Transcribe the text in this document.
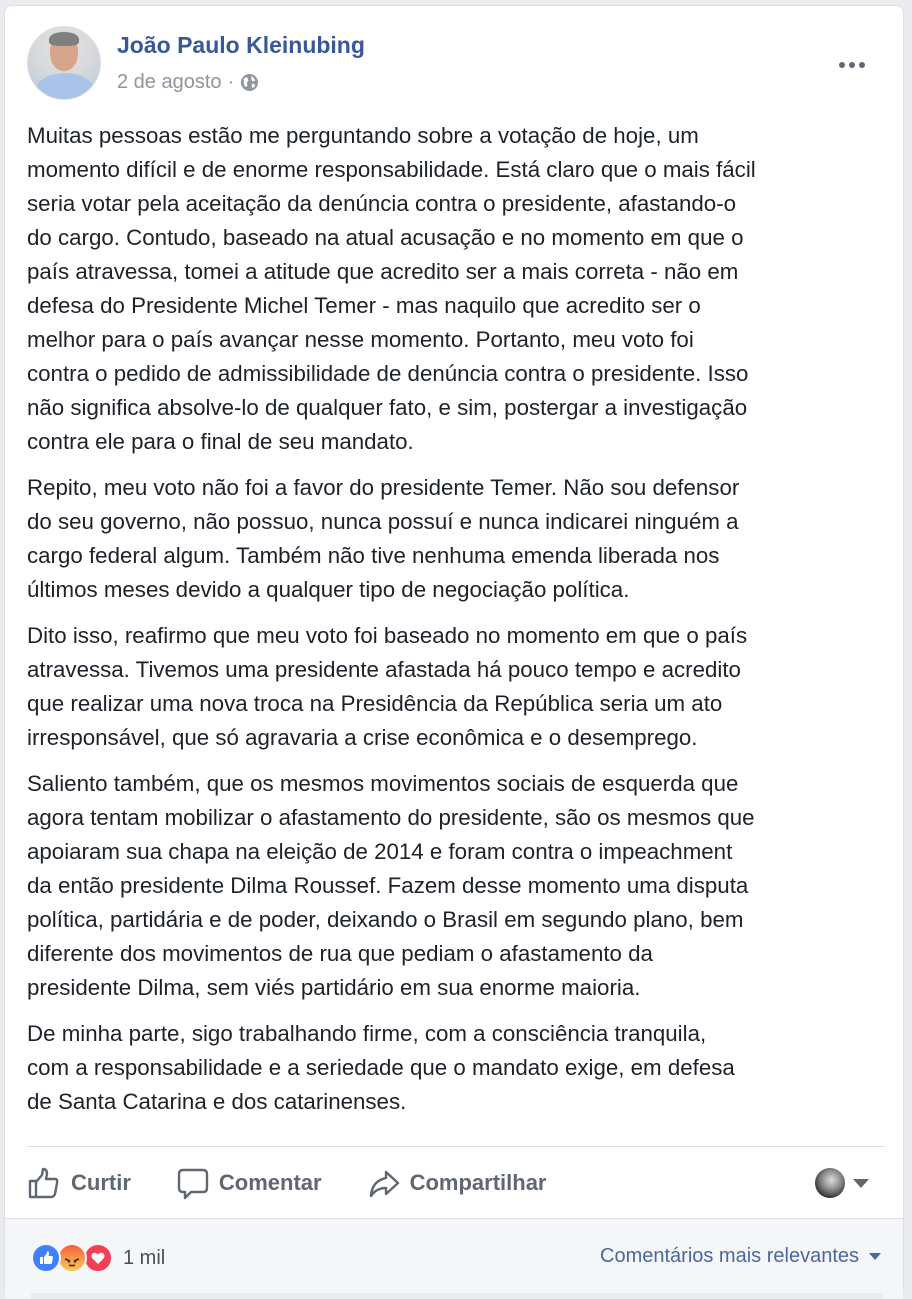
João Paulo Kleinubing
2 de agosto ·

Muitas pessoas estão me perguntando sobre a votação de hoje, um
momento difícil e de enorme responsabilidade. Está claro que o mais fácil
seria votar pela aceitação da denúncia contra o presidente, afastando-o
do cargo. Contudo, baseado na atual acusação e no momento em que o
país atravessa, tomei a atitude que acredito ser a mais correta - não em
defesa do Presidente Michel Temer - mas naquilo que acredito ser o
melhor para o país avançar nesse momento. Portanto, meu voto foi
contra o pedido de admissibilidade de denúncia contra o presidente. Isso
não significa absolve-lo de qualquer fato, e sim, postergar a investigação
contra ele para o final de seu mandato.

Repito, meu voto não foi a favor do presidente Temer. Não sou defensor
do seu governo, não possuo, nunca possuí e nunca indicarei ninguém a
cargo federal algum. Também não tive nenhuma emenda liberada nos
últimos meses devido a qualquer tipo de negociação política.

Dito isso, reafirmo que meu voto foi baseado no momento em que o país
atravessa. Tivemos uma presidente afastada há pouco tempo e acredito
que realizar uma nova troca na Presidência da República seria um ato
irresponsável, que só agravaria a crise econômica e o desemprego.

Saliento também, que os mesmos movimentos sociais de esquerda que
agora tentam mobilizar o afastamento do presidente, são os mesmos que
apoiaram sua chapa na eleição de 2014 e foram contra o impeachment
da então presidente Dilma Roussef. Fazem desse momento uma disputa
política, partidária e de poder, deixando o Brasil em segundo plano, bem
diferente dos movimentos de rua que pediam o afastamento da
presidente Dilma, sem viés partidário em sua enorme maioria.

De minha parte, sigo trabalhando firme, com a consciência tranquila,
com a responsabilidade e a seriedade que o mandato exige, em defesa
de Santa Catarina e dos catarinenses.

Curtir	Comentar	Compartilhar
1 mil	Comentários mais relevantes
